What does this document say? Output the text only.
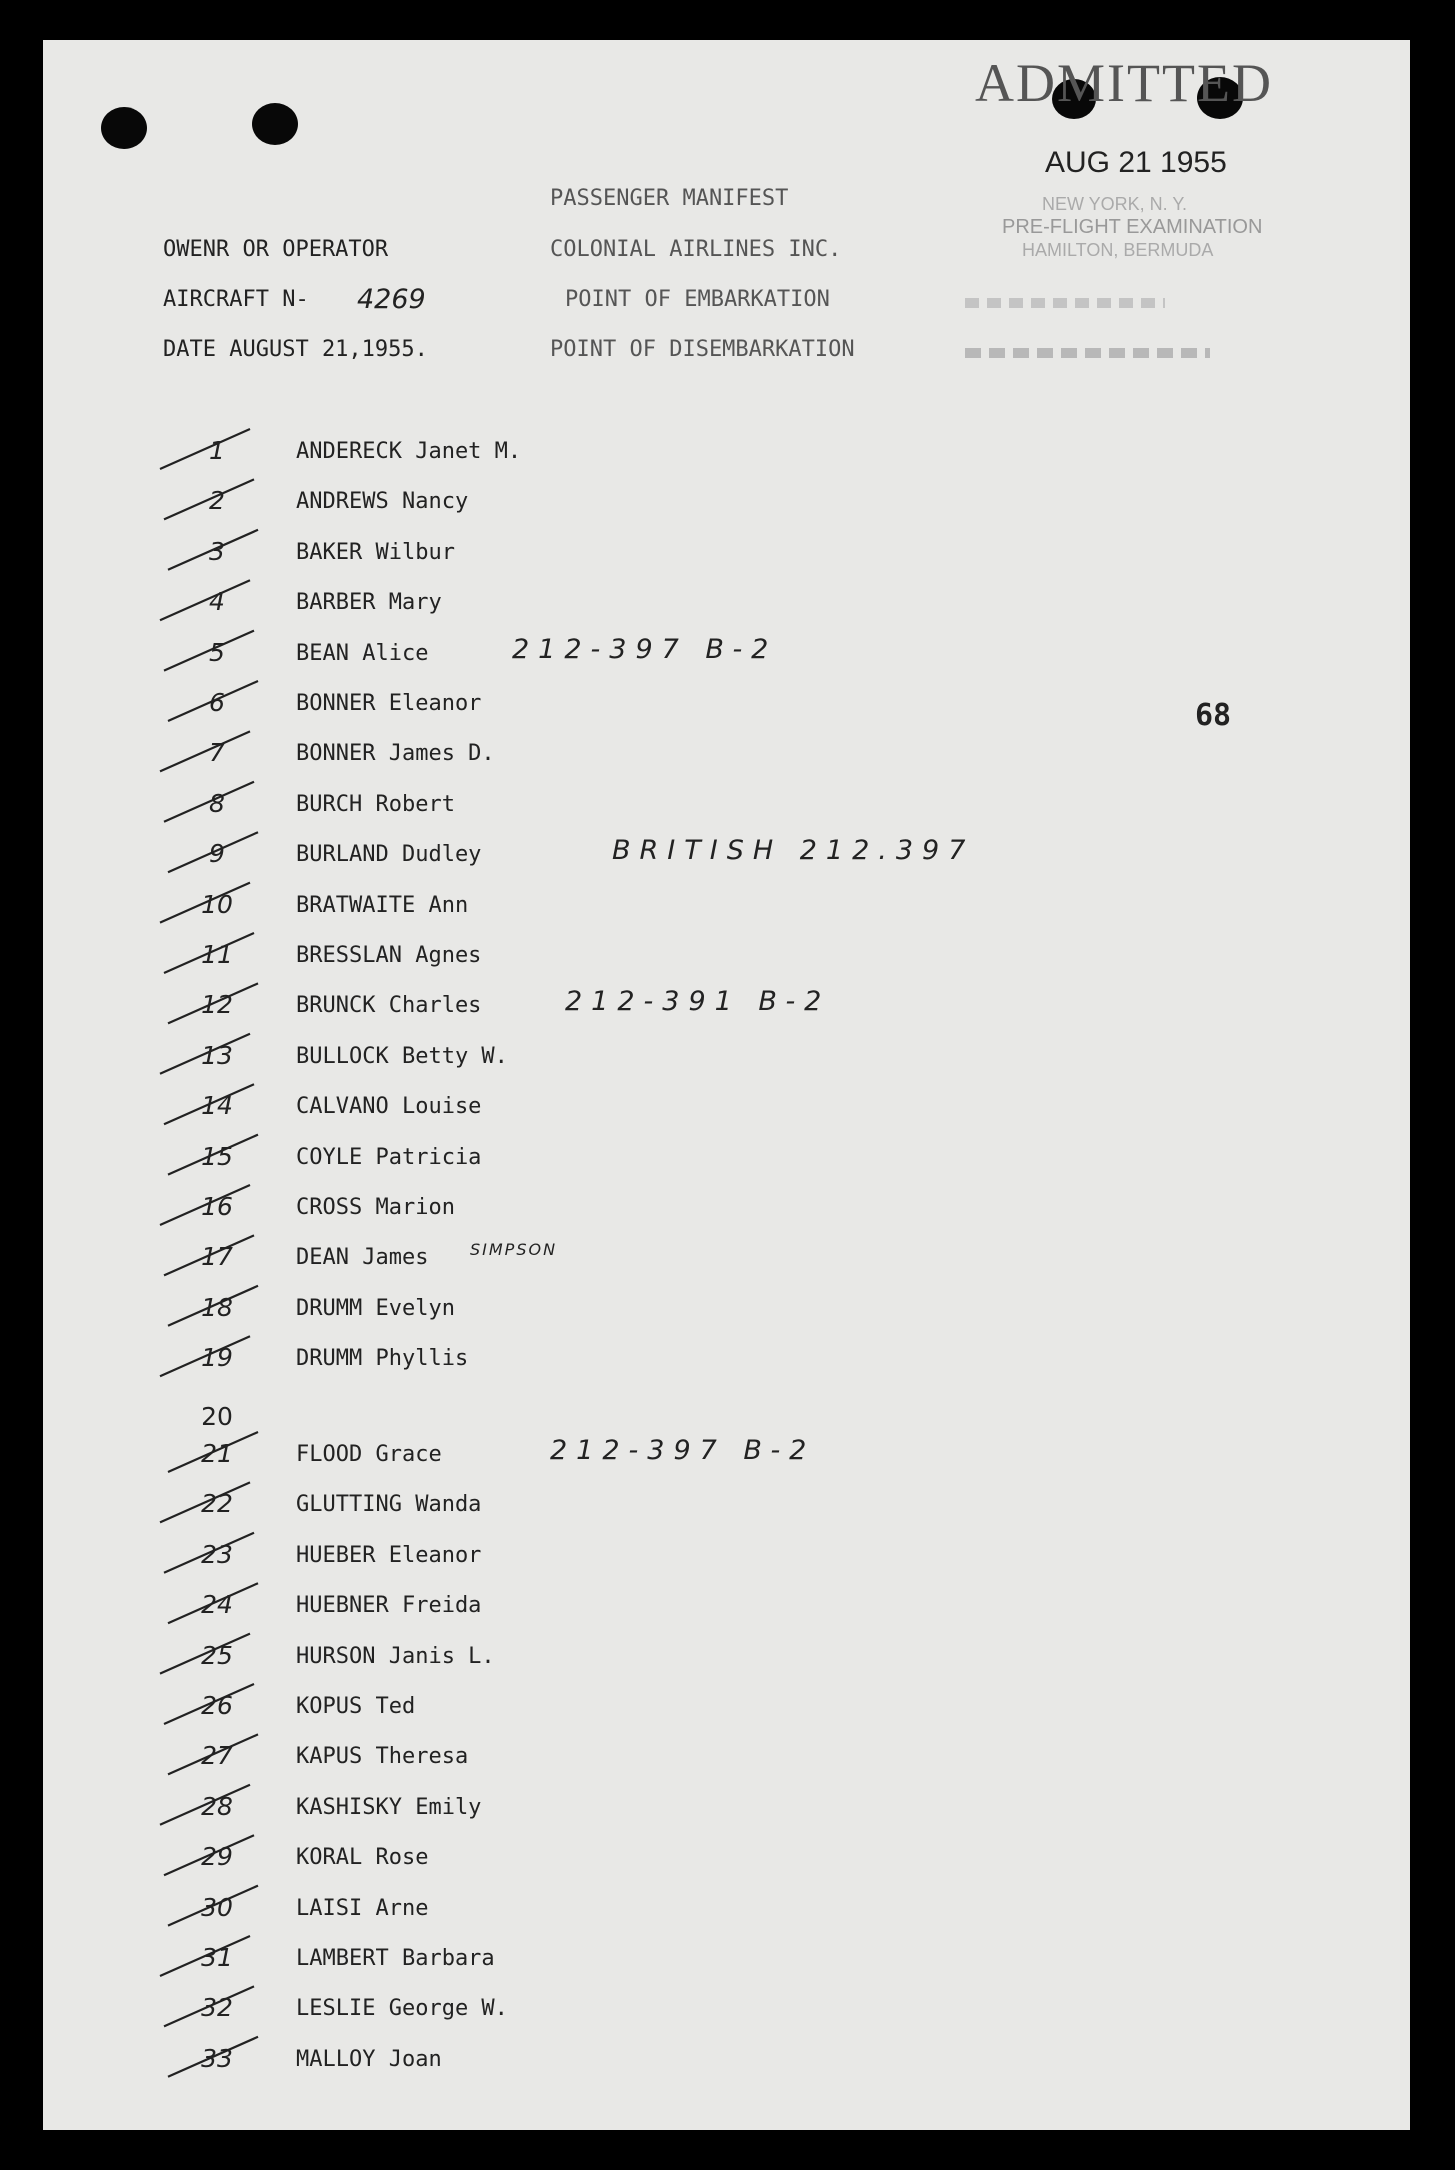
ADMITTED
AUG 21 1955
NEW YORK, N. Y.
PRE-FLIGHT EXAMINATION
HAMILTON, BERMUDA
PASSENGER MANIFEST
OWENR OR OPERATOR	COLONIAL AIRLINES INC.
AIRCRAFT N- 4269	POINT OF EMBARKATION
DATE AUGUST 21,1955.	POINT OF DISEMBARKATION
68
1	ANDERECK Janet M.
2	ANDREWS Nancy
3	BAKER Wilbur
4	BARBER Mary
5	BEAN Alice	212-397 B-2
6	BONNER Eleanor
7	BONNER James D.
8	BURCH Robert
9	BURLAND Dudley	BRITISH 212.397
10	BRATWAITE Ann
11	BRESSLAN Agnes
12	BRUNCK Charles	212-391 B-2
13	BULLOCK Betty W.
14	CALVANO Louise
15	COYLE Patricia
16	CROSS Marion
17	DEAN James	SIMPSON
18	DRUMM Evelyn
19	DRUMM Phyllis
20
21	FLOOD Grace	212-397 B-2
22	GLUTTING Wanda
23	HUEBER Eleanor
24	HUEBNER Freida
25	HURSON Janis L.
26	KOPUS Ted
27	KAPUS Theresa
28	KASHISKY Emily
29	KORAL Rose
30	LAISI Arne
31	LAMBERT Barbara
32	LESLIE George W.
33	MALLOY Joan
